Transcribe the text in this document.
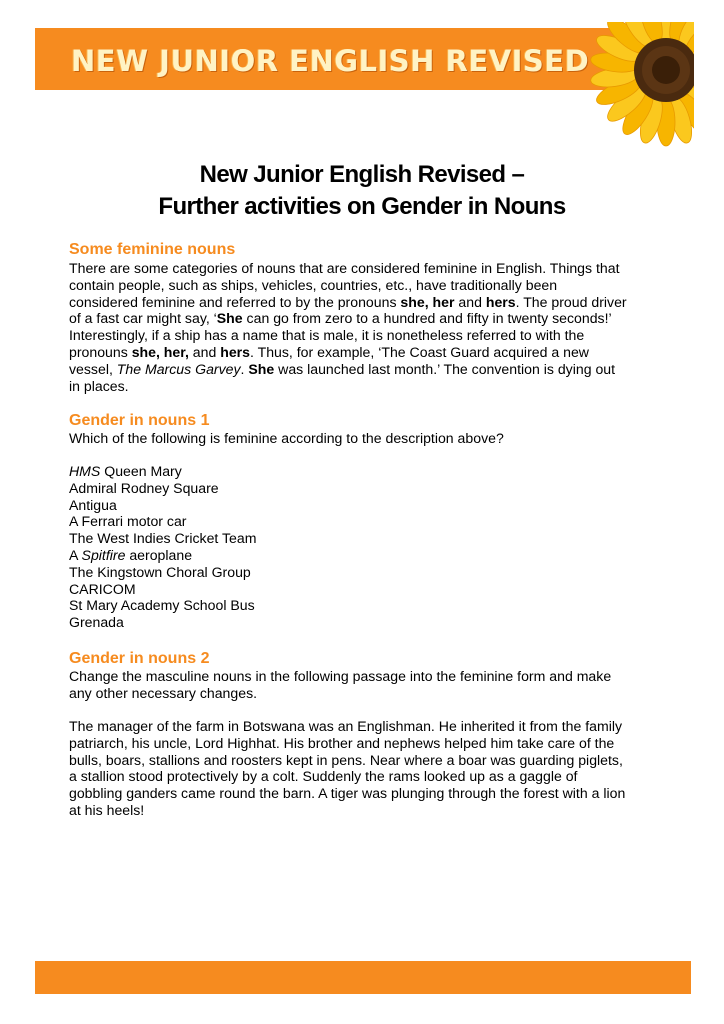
NEW JUNIOR ENGLISH REVISED
New Junior English Revised –
Further activities on Gender in Nouns
Some feminine nouns

There are some categories of nouns that are considered feminine in English. Things that contain people, such as ships, vehicles, countries, etc., have traditionally been considered feminine and referred to by the pronouns she, her and hers. The proud driver of a fast car might say, ‘She can go from zero to a hundred and fifty in twenty seconds!’ Interestingly, if a ship has a name that is male, it is nonetheless referred to with the pronouns she, her, and hers. Thus, for example, ‘The Coast Guard acquired a new vessel, The Marcus Garvey. She was launched last month.’ The convention is dying out in places.

Gender in nouns 1

Which of the following is feminine according to the description above?

HMS Queen Mary
Admiral Rodney Square
Antigua
A Ferrari motor car
The West Indies Cricket Team
A Spitfire aeroplane
The Kingstown Choral Group
CARICOM
St Mary Academy School Bus
Grenada
Gender in nouns 2

Change the masculine nouns in the following passage into the feminine form and make any other necessary changes.

The manager of the farm in Botswana was an Englishman. He inherited it from the family patriarch, his uncle, Lord Highhat. His brother and nephews helped him take care of the bulls, boars, stallions and roosters kept in pens. Near where a boar was guarding piglets, a stallion stood protectively by a colt. Suddenly the rams looked up as a gaggle of gobbling ganders came round the barn. A tiger was plunging through the forest with a lion at his heels!
